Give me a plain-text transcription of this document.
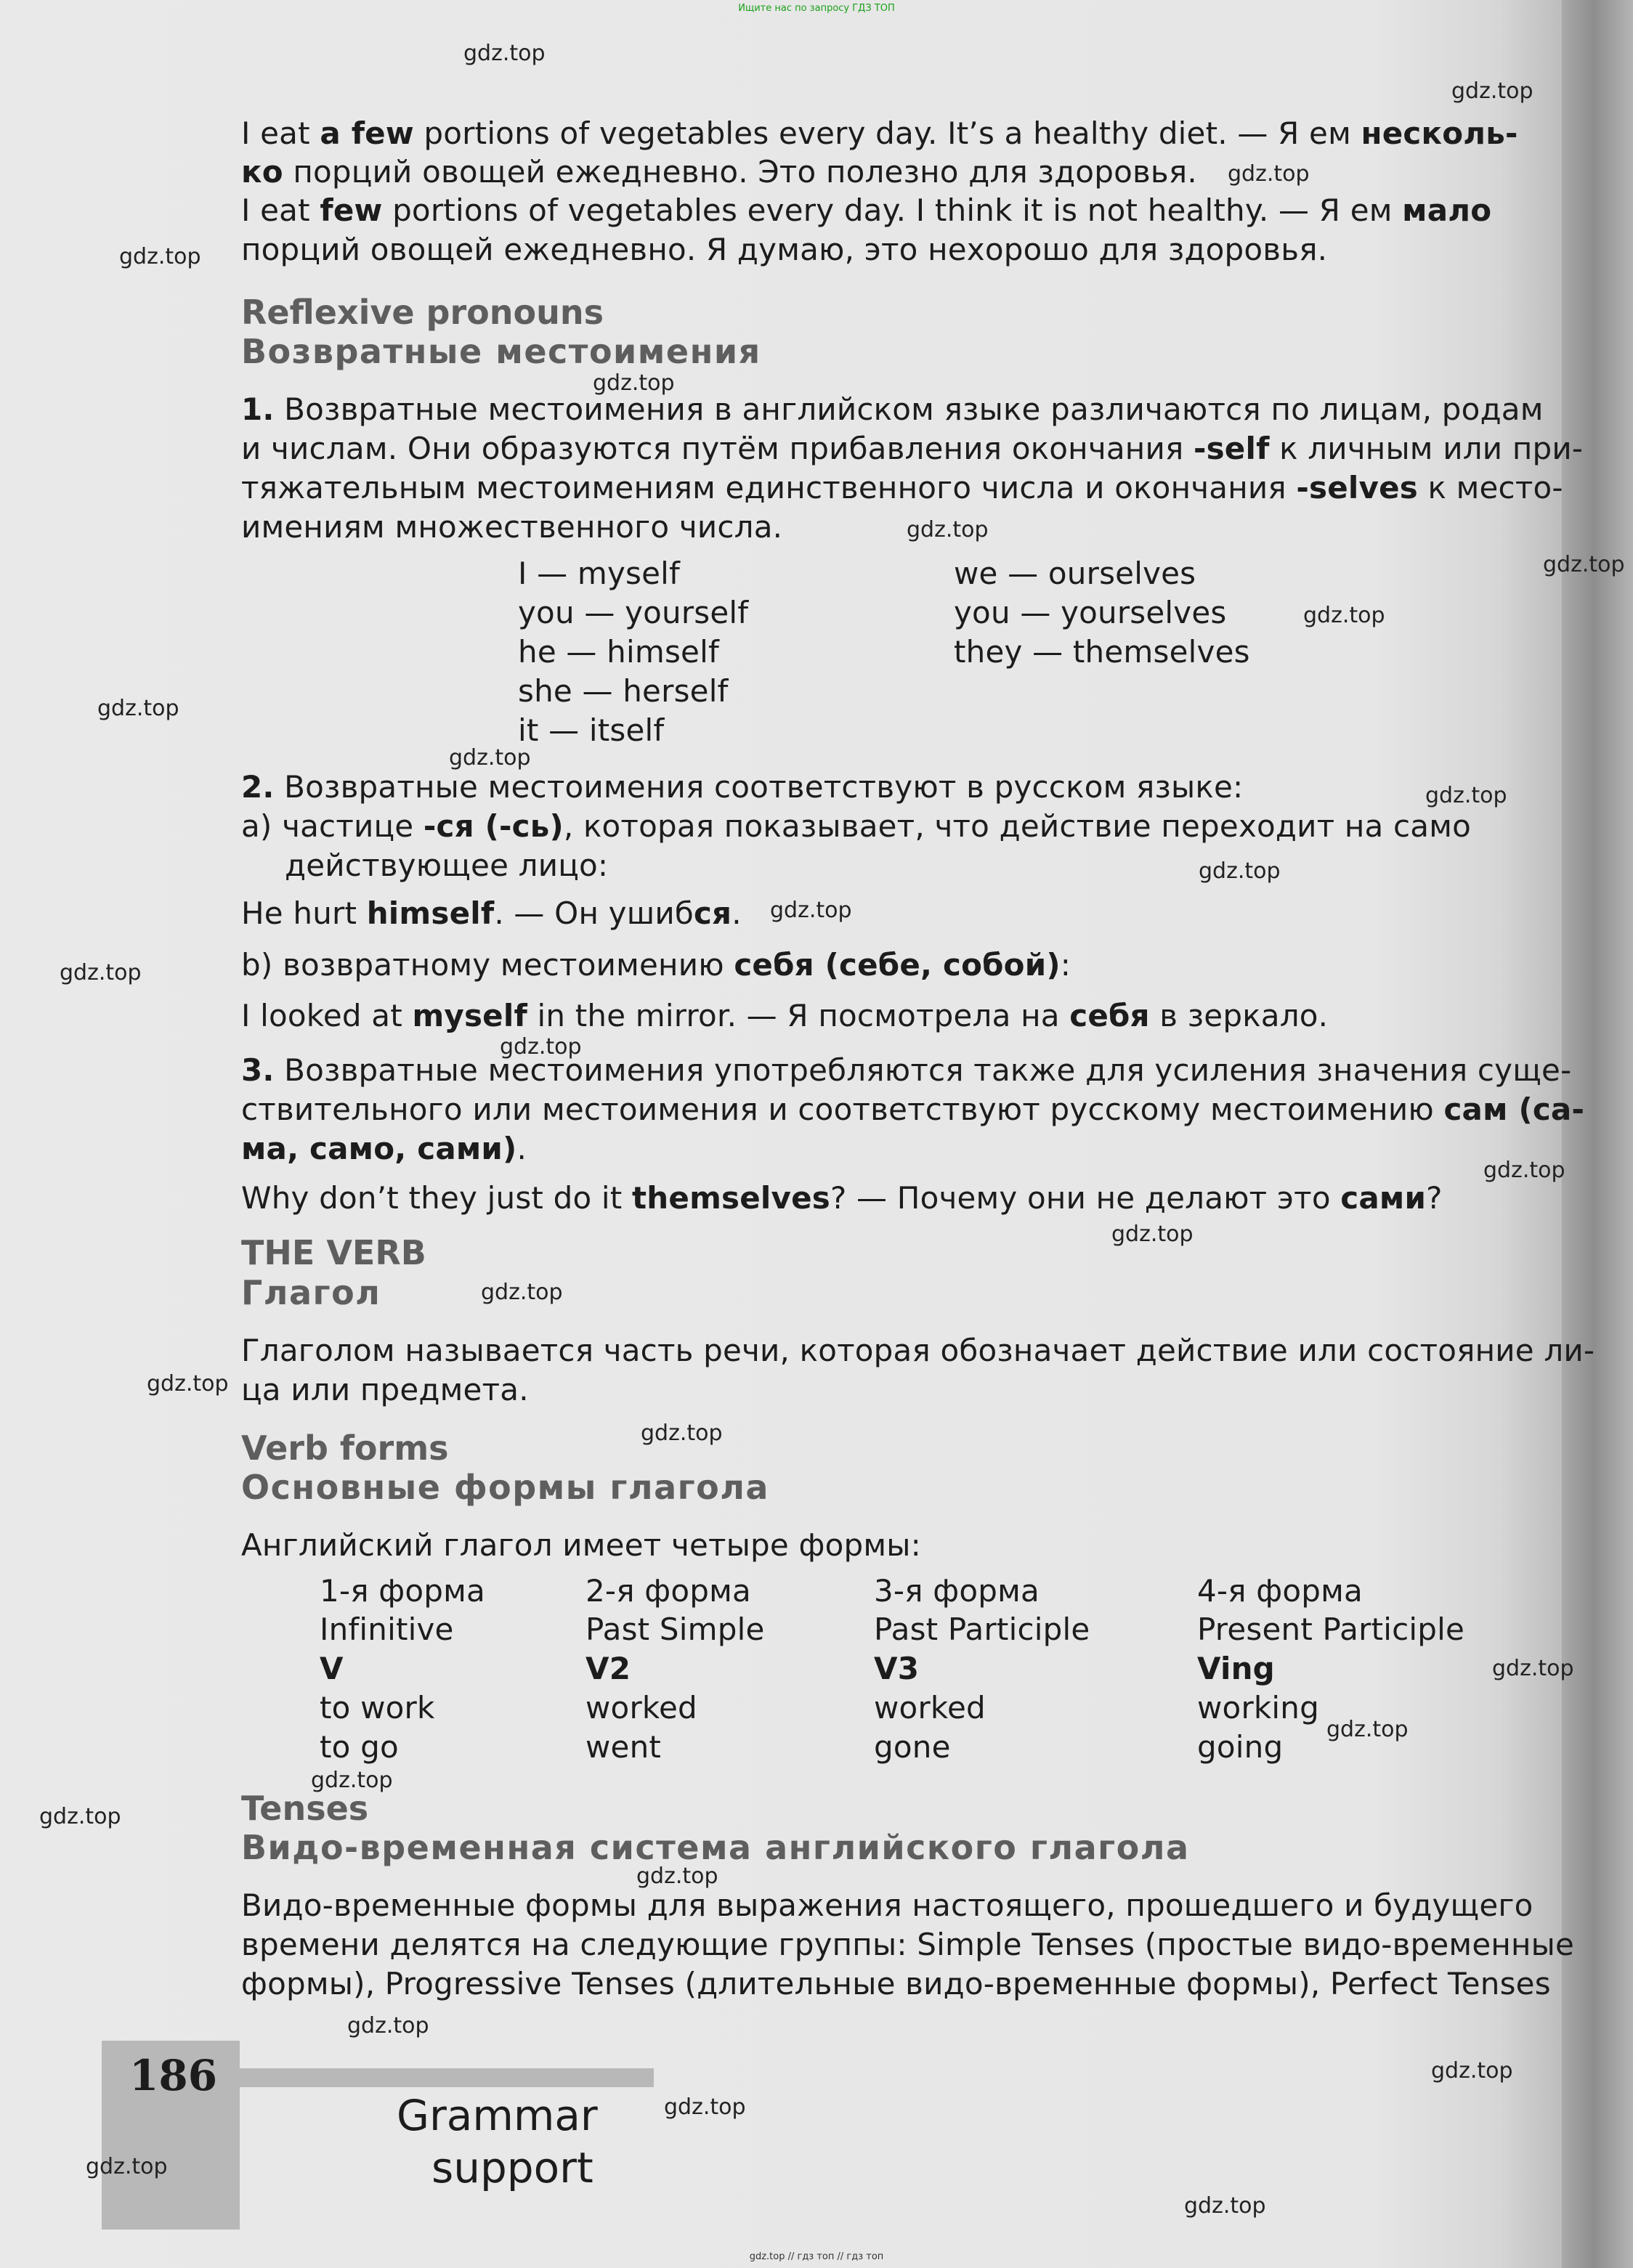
Ищите нас по запросу ГДЗ ТОП
I eat a few portions of vegetables every day. It’s a healthy diet. — Я ем несколь-
ко порций овощей ежедневно. Это полезно для здоровья.
I eat few portions of vegetables every day. I think it is not healthy. — Я ем мало
порций овощей ежедневно. Я думаю, это нехорошо для здоровья.
Reflexive pronouns
Возвратные местоимения
1. Возвратные местоимения в английском языке различаются по лицам, родам
и числам. Они образуются путём прибавления окончания -self к личным или при-
тяжательным местоимениям единственного числа и окончания -selves к место-
имениям множественного числа.
I — myself
you — yourself
he — himself
she — herself
it — itself
we — ourselves
you — yourselves
they — themselves
2. Возвратные местоимения соответствуют в русском языке:
а) частице -ся (-сь), которая показывает, что действие переходит на само
действующее лицо:
He hurt himself. — Он ушибся.
b) возвратному местоимению себя (себе, собой):
I looked at myself in the mirror. — Я посмотрела на себя в зеркало.
3. Возвратные местоимения употребляются также для усиления значения суще-
ствительного или местоимения и соответствуют русскому местоимению сам (са-
ма, само, сами).
Why don’t they just do it themselves? — Почему они не делают это сами?
THE VERB
Глагол
Глаголом называется часть речи, которая обозначает действие или состояние ли-
ца или предмета.
Verb forms
Основные формы глагола
Английский глагол имеет четыре формы:
1-я форма
Infinitive
V
to work
to go
2-я форма
Past Simple
V2
worked
went
3-я форма
Past Participle
V3
worked
gone
4-я форма
Present Participle
Ving
working
going
Tenses
Видо-временная система английского глагола
Видо-временные формы для выражения настоящего, прошедшего и будущего
времени делятся на следующие группы: Simple Tenses (простые видо-временные
формы), Progressive Tenses (длительные видо-временные формы), Perfect Tenses
186
Grammar
support
gdz.top
gdz.top
gdz.top
gdz.top
gdz.top
gdz.top
gdz.top
gdz.top
gdz.top
gdz.top
gdz.top
gdz.top
gdz.top
gdz.top
gdz.top
gdz.top
gdz.top
gdz.top
gdz.top
gdz.top
gdz.top
gdz.top
gdz.top
gdz.top
gdz.top
gdz.top
gdz.top
gdz.top
gdz.top
gdz.top
gdz.top // гдз топ // гдз топ
